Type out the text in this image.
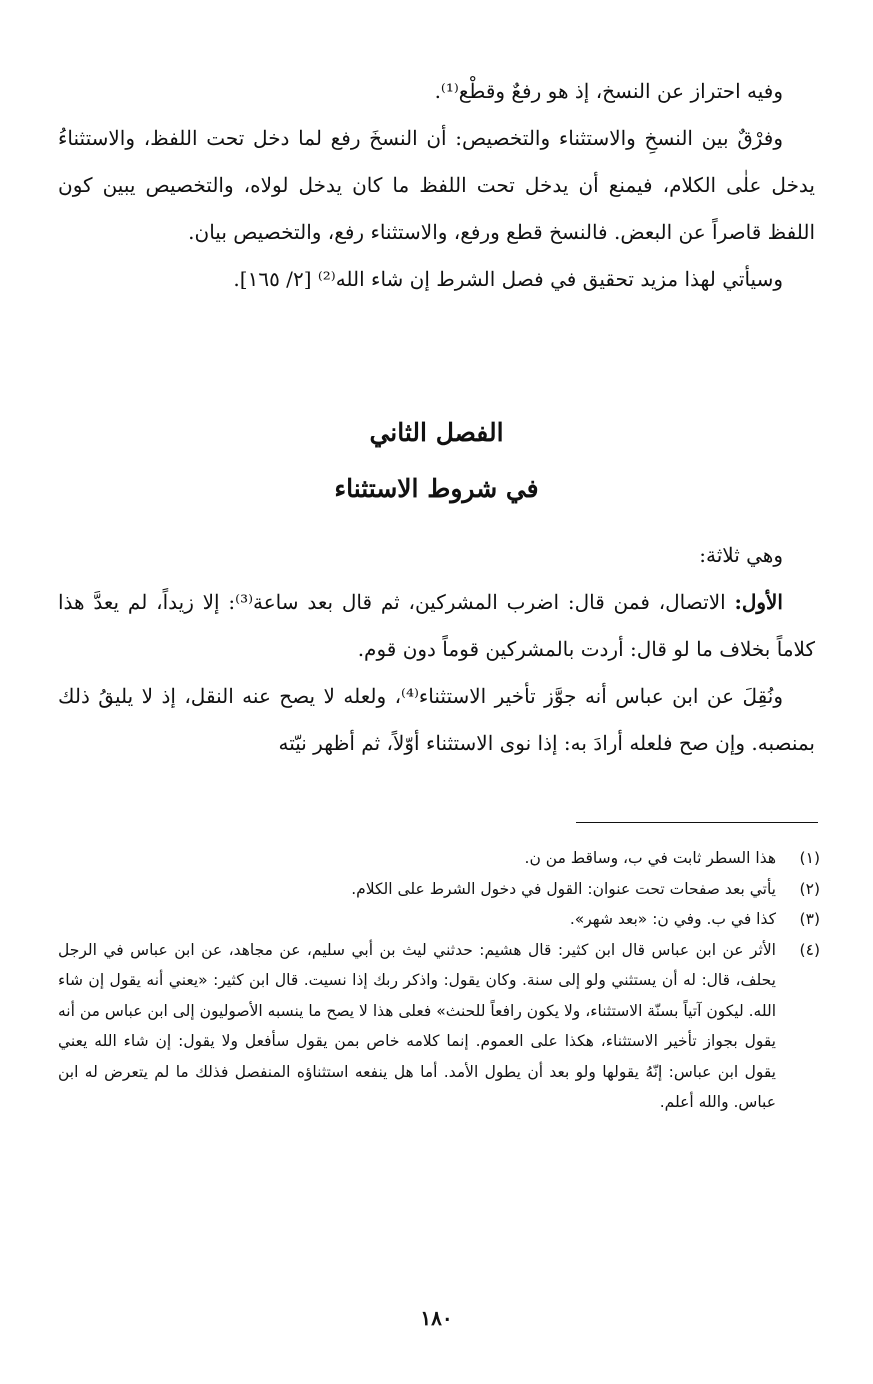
وفيه احتراز عن النسخ، إذ هو رفعٌ وقطْع⁽¹⁾.

وفرْقٌ بين النسخِ والاستثناء والتخصيص: أن النسخَ رفع لما دخل تحت اللفظ، والاستثناءُ يدخل علٰى الكلام، فيمنع أن يدخل تحت اللفظ ما كان يدخل لولاه، والتخصيص يبين كون اللفظ قاصراً عن البعض. فالنسخ قطع ورفع، والاستثناء رفع، والتخصيص بيان.

وسيأتي لهذا مزيد تحقيق في فصل الشرط إن شاء الله⁽²⁾ [٢/ ١٦٥].

الفصل الثاني
في شروط الاستثناء

وهي ثلاثة:

الأول: الاتصال، فمن قال: اضرب المشركين، ثم قال بعد ساعة⁽³⁾: إلا زيداً، لم يعدَّ هذا كلاماً بخلاف ما لو قال: أردت بالمشركين قوماً دون قوم.

ونُقِلَ عن ابن عباس أنه جوَّز تأخير الاستثناء⁽⁴⁾، ولعله لا يصح عنه النقل، إذ لا يليقُ ذلك بمنصبه. وإن صح فلعله أرادَ به: إذا نوى الاستثناء أوّلاً، ثم أظهر نيّته

(١)
هذا السطر ثابت في ب، وساقط من ن.
(٢)
يأتي بعد صفحات تحت عنوان: القول في دخول الشرط على الكلام.
(٣)
كذا في ب. وفي ن: «بعد شهر».
(٤)
الأثر عن ابن عباس قال ابن كثير: قال هشيم: حدثني ليث بن أبي سليم، عن مجاهد، عن ابن عباس في الرجل يحلف، قال: له أن يستثني ولو إلى سنة. وكان يقول: واذكر ربك إذا نسيت. قال ابن كثير: «يعني أنه يقول إن شاء الله. ليكون آتياً بسنّة الاستثناء، ولا يكون رافعاً للحنث» فعلى هذا لا يصح ما ينسبه الأصوليون إلى ابن عباس من أنه يقول بجواز تأخير الاستثناء، هكذا على العموم. إنما كلامه خاص بمن يقول سأفعل ولا يقول: إن شاء الله يعني يقول ابن عباس: إنّهُ يقولها ولو بعد أن يطول الأمد. أما هل ينفعه استثناؤه المنفصل فذلك ما لم يتعرض له ابن عباس. والله أعلم.
١٨٠
